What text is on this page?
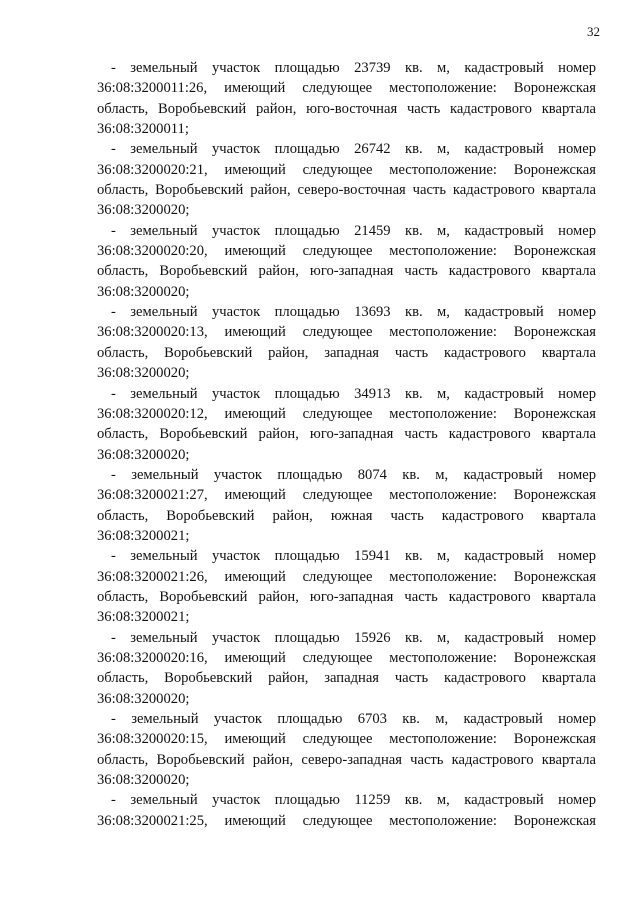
32
- земельный участок площадью 23739 кв. м, кадастровый номер
36:08:3200011:26, имеющий следующее местоположение: Воронежская
область, Воробьевский район, юго-восточная часть кадастрового квартала
36:08:3200011;
- земельный участок площадью 26742 кв. м, кадастровый номер
36:08:3200020:21, имеющий следующее местоположение: Воронежская
область, Воробьевский район, северо-восточная часть кадастрового квартала
36:08:3200020;
- земельный участок площадью 21459 кв. м, кадастровый номер
36:08:3200020:20, имеющий следующее местоположение: Воронежская
область, Воробьевский район, юго-западная часть кадастрового квартала
36:08:3200020;
- земельный участок площадью 13693 кв. м, кадастровый номер
36:08:3200020:13, имеющий следующее местоположение: Воронежская
область, Воробьевский район, западная часть кадастрового квартала
36:08:3200020;
- земельный участок площадью 34913 кв. м, кадастровый номер
36:08:3200020:12, имеющий следующее местоположение: Воронежская
область, Воробьевский район, юго-западная часть кадастрового квартала
36:08:3200020;
- земельный участок площадью 8074 кв. м, кадастровый номер
36:08:3200021:27, имеющий следующее местоположение: Воронежская
область, Воробьевский район, южная часть кадастрового квартала
36:08:3200021;
- земельный участок площадью 15941 кв. м, кадастровый номер
36:08:3200021:26, имеющий следующее местоположение: Воронежская
область, Воробьевский район, юго-западная часть кадастрового квартала
36:08:3200021;
- земельный участок площадью 15926 кв. м, кадастровый номер
36:08:3200020:16, имеющий следующее местоположение: Воронежская
область, Воробьевский район, западная часть кадастрового квартала
36:08:3200020;
- земельный участок площадью 6703 кв. м, кадастровый номер
36:08:3200020:15, имеющий следующее местоположение: Воронежская
область, Воробьевский район, северо-западная часть кадастрового квартала
36:08:3200020;
- земельный участок площадью 11259 кв. м, кадастровый номер
36:08:3200021:25, имеющий следующее местоположение: Воронежская
